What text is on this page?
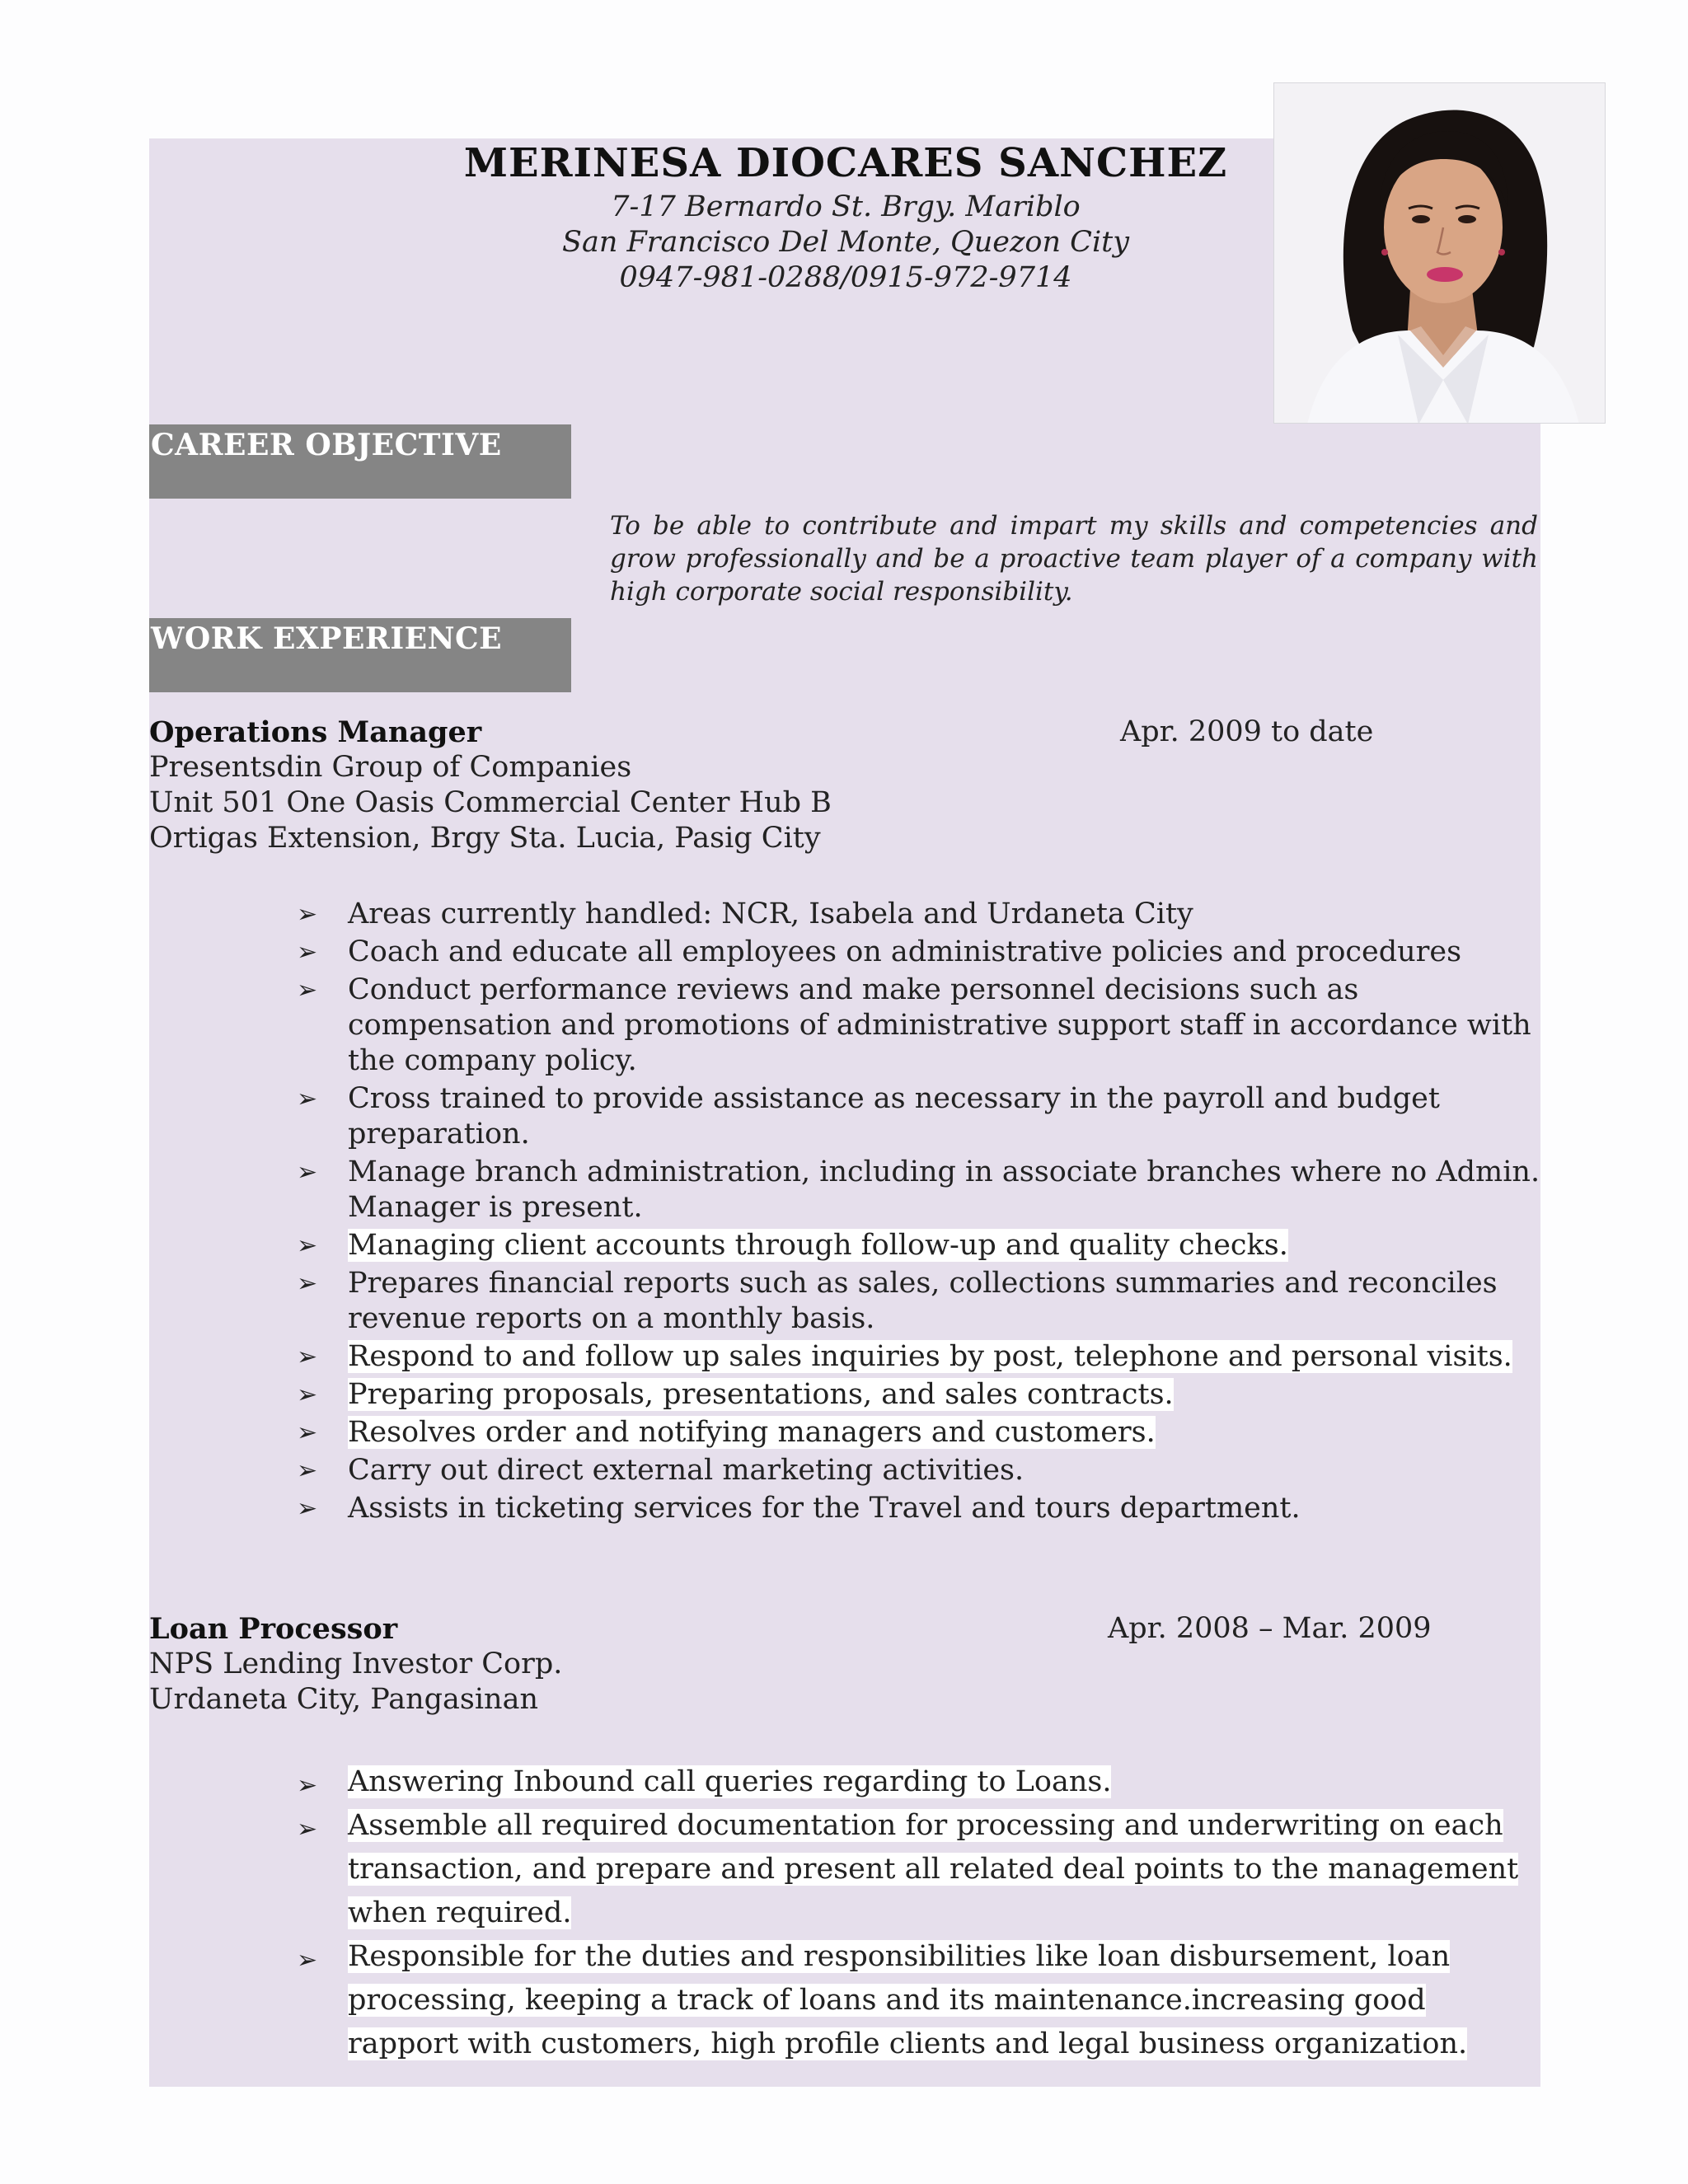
MERINESA DIOCARES SANCHEZ
7-17 Bernardo St. Brgy. Mariblo
San Francisco Del Monte, Quezon City
0947-981-0288/0915-972-9714
CAREER OBJECTIVE
To be able to contribute and impart my skills and competencies and grow professionally and be a proactive team player of a company with high corporate social responsibility.
WORK EXPERIENCE
Operations Manager	Apr. 2009 to date
Presentsdin Group of Companies
Unit 501 One Oasis Commercial Center Hub B
Ortigas Extension, Brgy Sta. Lucia, Pasig City
➢ Areas currently handled: NCR, Isabela and Urdaneta City
➢ Coach and educate all employees on administrative policies and procedures
➢ Conduct performance reviews and make personnel decisions such as compensation and promotions of administrative support staff in accordance with the company policy.
➢ Cross trained to provide assistance as necessary in the payroll and budget preparation.
➢ Manage branch administration, including in associate branches where no Admin. Manager is present.
➢ Managing client accounts through follow-up and quality checks.
➢ Prepares financial reports such as sales, collections summaries and reconciles revenue reports on a monthly basis.
➢ Respond to and follow up sales inquiries by post, telephone and personal visits.
➢ Preparing proposals, presentations, and sales contracts.
➢ Resolves order and notifying managers and customers.
➢ Carry out direct external marketing activities.
➢ Assists in ticketing services for the Travel and tours department.
Loan Processor	Apr. 2008 – Mar. 2009
NPS Lending Investor Corp.
Urdaneta City, Pangasinan
➢ Answering Inbound call queries regarding to Loans.
➢ Assemble all required documentation for processing and underwriting on each transaction, and prepare and present all related deal points to the management when required.
➢ Responsible for the duties and responsibilities like loan disbursement, loan processing, keeping a track of loans and its maintenance.increasing good rapport with customers, high profile clients and legal business organization.
